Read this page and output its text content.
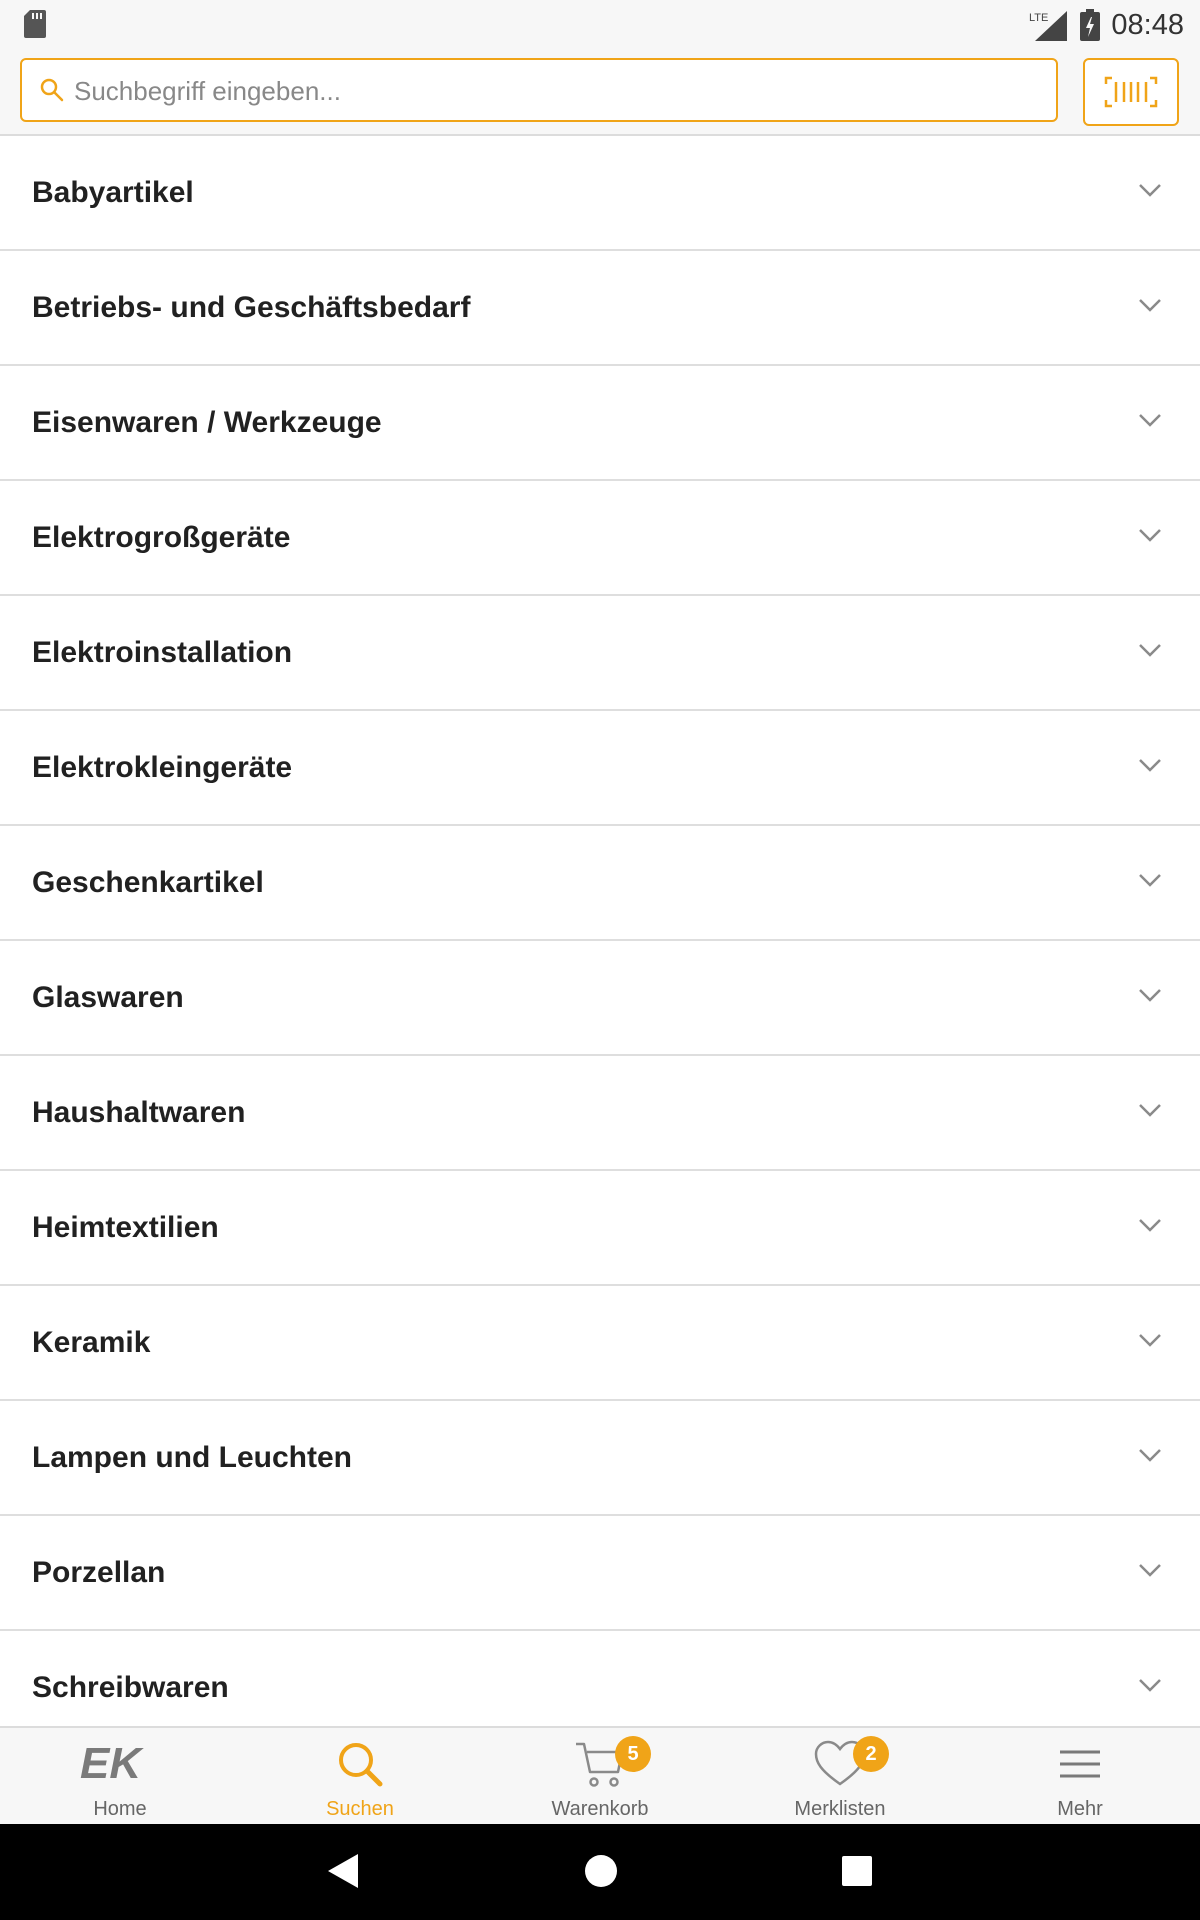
LTE 08:48
Suchbegriff eingeben...
Babyartikel
Betriebs- und Geschäftsbedarf
Eisenwaren / Werkzeuge
Elektrogroßgeräte
Elektroinstallation
Elektrokleingeräte
Geschenkartikel
Glaswaren
Haushaltwaren
Heimtextilien
Keramik
Lampen und Leuchten
Porzellan
Schreibwaren
EK
Home	Suchen
5
Warenkorb
2
Merklisten	Mehr
